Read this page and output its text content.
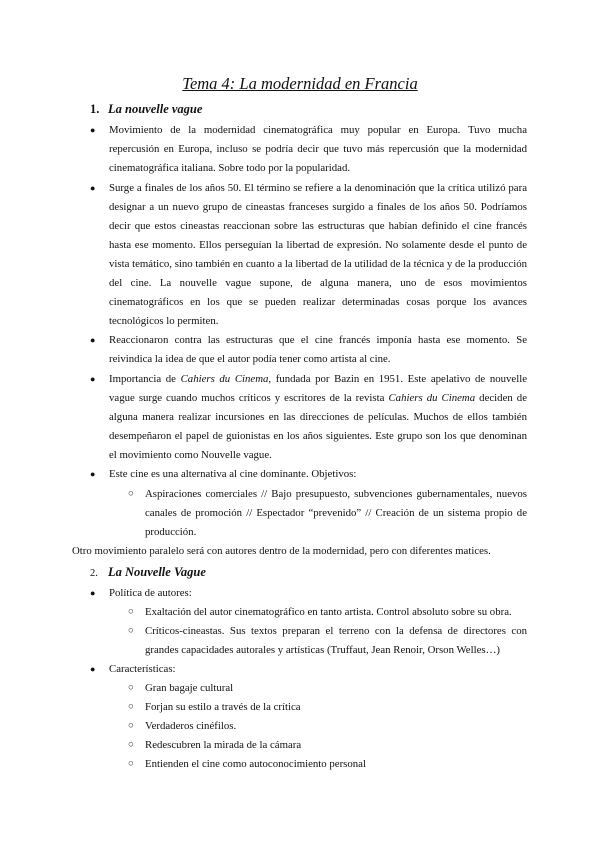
Tema 4: La modernidad en Francia
1. La nouvelle vague
● Movimiento de la modernidad cinematográfica muy popular en Europa. Tuvo mucha repercusión en Europa, incluso se podría decir que tuvo más repercusión que la modernidad cinematográfica italiana. Sobre todo por la popularidad.
● Surge a finales de los años 50. El término se refiere a la denominación que la crítica utilizó para designar a un nuevo grupo de cineastas franceses surgido a finales de los años 50. Podríamos decir que estos cineastas reaccionan sobre las estructuras que habían definido el cine francés hasta ese momento. Ellos perseguían la libertad de expresión. No solamente desde el punto de vista temático, sino también en cuanto a la libertad de la utilidad de la técnica y de la producción del cine. La nouvelle vague supone, de alguna manera, uno de esos movimientos cinematográficos en los que se pueden realizar determinadas cosas porque los avances tecnológicos lo permiten.
● Reaccionaron contra las estructuras que el cine francés imponía hasta ese momento. Se reivindica la idea de que el autor podía tener como artista al cine.
● Importancia de Cahiers du Cinema, fundada por Bazin en 1951. Este apelativo de nouvelle vague surge cuando muchos críticos y escritores de la revista Cahiers du Cinema deciden de alguna manera realizar incursiones en las direcciones de películas. Muchos de ellos también desempeñaron el papel de guionistas en los años siguientes. Este grupo son los que denominan el movimiento como Nouvelle vague.
● Este cine es una alternativa al cine dominante. Objetivos:
○ Aspiraciones comerciales // Bajo presupuesto, subvenciones gubernamentales, nuevos canales de promoción // Espectador “prevenido” // Creación de un sistema propio de producción.
Otro movimiento paralelo será con autores dentro de la modernidad, pero con diferentes matices.
2. La Nouvelle Vague
● Política de autores:
○ Exaltación del autor cinematográfico en tanto artista. Control absoluto sobre su obra.
○ Críticos-cineastas. Sus textos preparan el terreno con la defensa de directores con grandes capacidades autorales y artísticas (Truffaut, Jean Renoir, Orson Welles…)
● Características:
○ Gran bagaje cultural
○ Forjan su estilo a través de la crítica
○ Verdaderos cinéfilos.
○ Redescubren la mirada de la cámara
○ Entienden el cine como autoconocimiento personal
